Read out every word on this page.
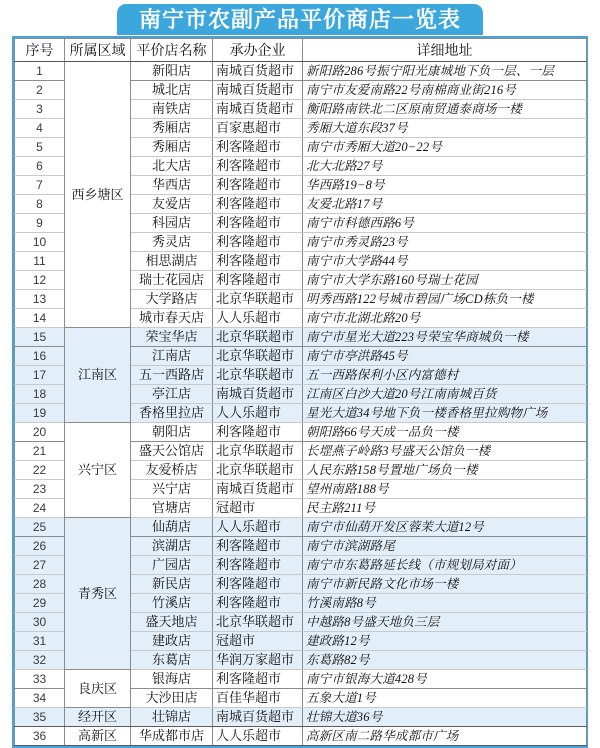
南宁市农副产品平价商店一览表
序号	所属区域	平价店名称	承办企业	详细地址
1	西乡塘区	新阳店	南城百货超市	新阳路286号振宁阳光康城地下负一层、一层
2		城北店	南城百货超市	南宁市友爱南路22号南棉商业街216号
3		南铁店	南城百货超市	衡阳路南铁北二区原南贸通泰商场一楼
4		秀厢店	百家惠超市	秀厢大道东段37号
5		秀厢店	利客隆超市	南宁市秀厢大道20−22号
6		北大店	利客隆超市	北大北路27号
7		华西店	利客隆超市	华西路19−8号
8		友爱店	利客隆超市	友爱北路17号
9		科园店	利客隆超市	南宁市科德西路6号
10		秀灵店	利客隆超市	南宁市秀灵路23号
11		相思湖店	利客隆超市	南宁市大学路44号
12		瑞士花园店	利客隆超市	南宁市大学东路160号瑞士花园
13		大学路店	北京华联超市	明秀西路122号城市碧园广场CD栋负一楼
14		城市春天店	人人乐超市	南宁市北湖北路20号
15	江南区	荣宝华店	北京华联超市	南宁市星光大道223号荣宝华商城负一楼
16		江南店	北京华联超市	南宁市亭洪路45号
17		五一西路店	北京华联超市	五一西路保利小区内富德村
18		亭江店	南城百货超市	江南区白沙大道20号江南南城百货
19		香格里拉店	人人乐超市	星光大道34号地下负一楼香格里拉购物广场
20	兴宁区	朝阳店	利客隆超市	朝阳路66号天成一品负一楼
21		盛天公馆店	北京华联超市	长堽燕子岭路3号盛天公馆负一楼
22		友爱桥店	北京华联超市	人民东路158号置地广场负一楼
23		兴宁店	南城百货超市	望州南路188号
24		官塘店	冠超市	民主路211号
25	青秀区	仙葫店	人人乐超市	南宁市仙葫开发区蓉茉大道12号
26		滨湖店	利客隆超市	南宁市滨湖路尾
27		广园店	利客隆超市	南宁市东葛路延长线（市规划局对面）
28		新民店	利客隆超市	南宁市新民路文化市场一楼
29		竹溪店	利客隆超市	竹溪南路8号
30		盛天地店	北京华联超市	中越路8号盛天地负三层
31		建政店	冠超市	建政路12号
32		东葛店	华润万家超市	东葛路82号
33	良庆区	银海店	利客隆超市	南宁市银海大道428号
34		大沙田店	百佳华超市	五象大道1号
35	经开区	壮锦店	南城百货超市	壮锦大道36号
36	高新区	华成都市店	人人乐超市	高新区南二路华成都市广场
